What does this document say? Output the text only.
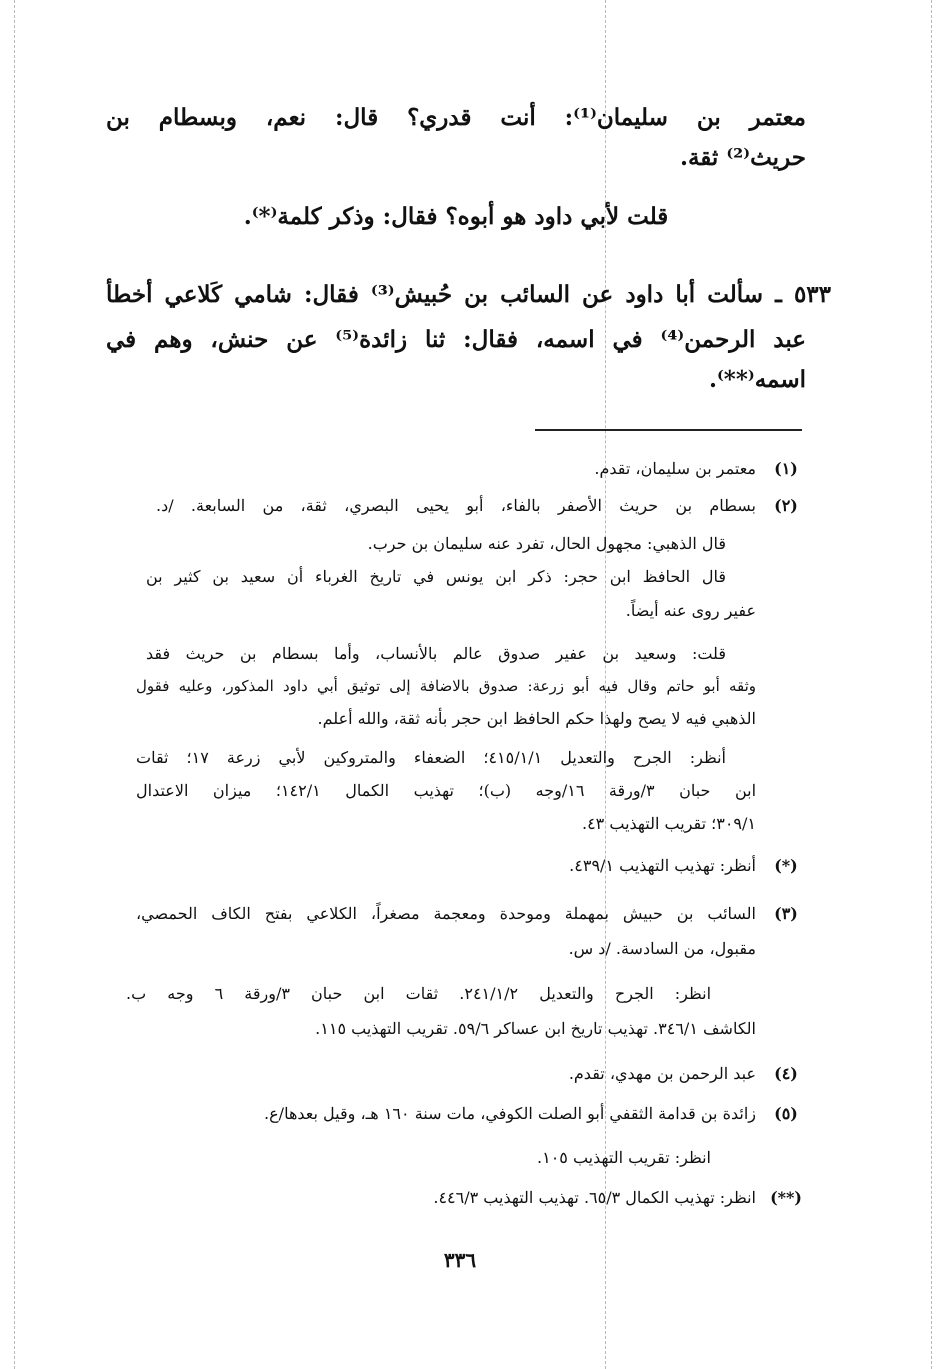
معتمر بن سليمان⁽¹⁾: أنت قدري؟ قال: نعم، وبسطام بن
حريث⁽²⁾ ثقة.
قلت لأبي داود هو أبوه؟ فقال: وذكر كلمة⁽*⁾.
٥٣٣ ـ سألت أبا داود عن السائب بن حُبيش⁽³⁾ فقال: شامي كَلاعي أخطأ
عبد الرحمن⁽⁴⁾ في اسمه، فقال: ثنا زائدة⁽⁵⁾ عن حنش، وهم في
اسمه⁽**⁾.
(١)
معتمر بن سليمان، تقدم.
(٢)
بسطام بن حريث الأصفر بالفاء، أبو يحيى البصري، ثقة، من السابعة. /د.
قال الذهبي: مجهول الحال، تفرد عنه سليمان بن حرب.
قال الحافظ ابن حجر: ذكر ابن يونس في تاريخ الغرباء أن سعيد بن كثير بن
عفير روى عنه أيضاً.
قلت: وسعيد بن عفير صدوق عالم بالأنساب، وأما بسطام بن حريث فقد
وثقه أبو حاتم وقال فيه أبو زرعة: صدوق بالاضافة إلى توثيق أبي داود المذكور، وعليه فقول
الذهبي فيه لا يصح ولهذا حكم الحافظ ابن حجر بأنه ثقة، والله أعلم.
أنظر: الجرح والتعديل ٤١٥/١/١؛ الضعفاء والمتروكين لأبي زرعة ١٧؛ ثقات
ابن حبان ٣/ورقة ١٦/وجه (ب)؛ تهذيب الكمال ١٤٢/١؛ ميزان الاعتدال
٣٠٩/١؛ تقريب التهذيب ٤٣.
(*)
أنظر: تهذيب التهذيب ٤٣٩/١.
(٣)
السائب بن حبيش بمهملة وموحدة ومعجمة مصغراً، الكلاعي بفتح الكاف الحمصي،
مقبول، من السادسة. /د س.
انظر: الجرح والتعديل ٢٤١/١/٢. ثقات ابن حبان ٣/ورقة ٦ وجه ب.
الكاشف ٣٤٦/١. تهذيب تاريخ ابن عساكر ٥٩/٦. تقريب التهذيب ١١٥.
(٤)
عبد الرحمن بن مهدي، تقدم.
(٥)
زائدة بن قدامة الثقفي أبو الصلت الكوفي، مات سنة ١٦٠ هـ، وقيل بعدها/ع.
انظر: تقريب التهذيب ١٠٥.
(**)
انظر: تهذيب الكمال ٦٥/٣. تهذيب التهذيب ٤٤٦/٣.
٣٣٦
